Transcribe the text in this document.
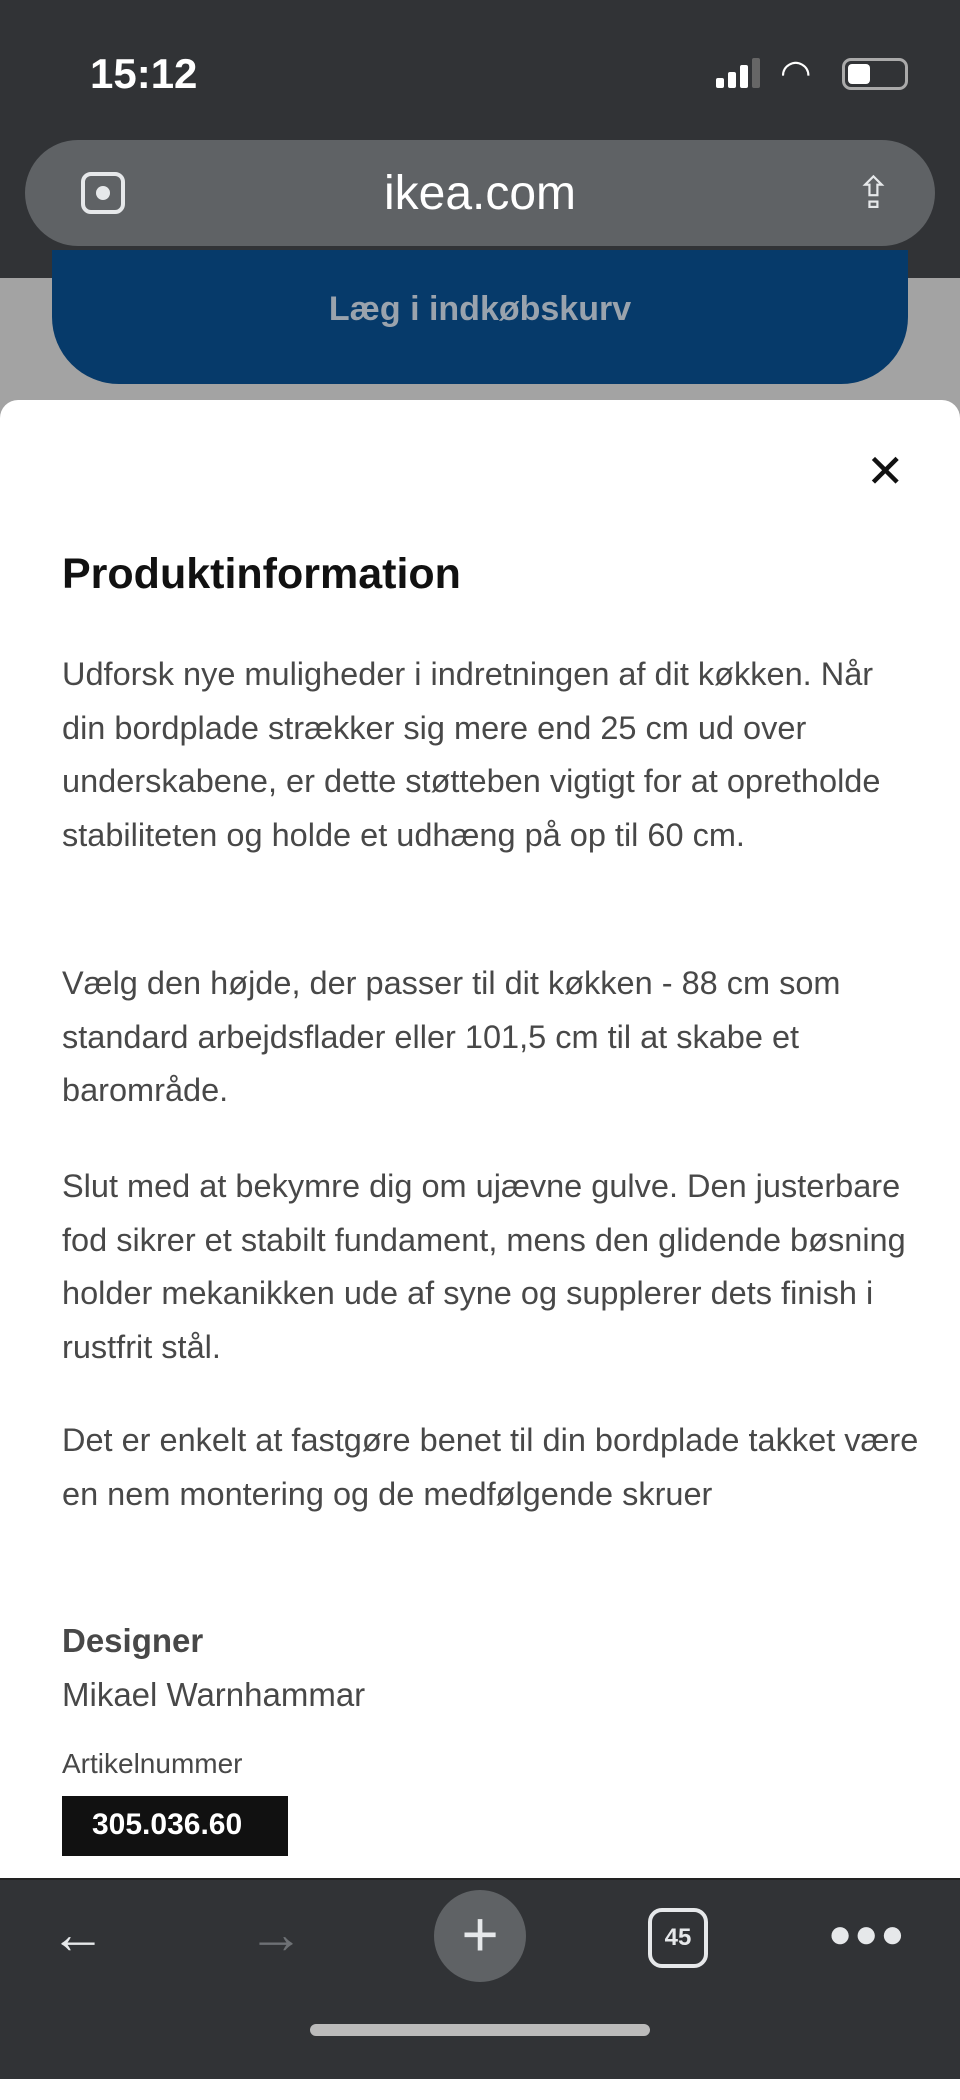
15:12	◠
ikea.com	⇪
Læg i indkøbskurv
✕
Produktinformation
Udforsk nye muligheder i indretningen af dit køkken. Når din bordplade strækker sig mere end 25 cm ud over underskabene, er dette støtteben vigtigt for at opretholde stabiliteten og holde et udhæng på op til 60 cm.
Vælg den højde, der passer til dit køkken - 88 cm som standard arbejdsflader eller 101,5 cm til at skabe et barområde.
Slut med at bekymre dig om ujævne gulve. Den justerbare fod sikrer et stabilt fundament, mens den glidende bøsning holder mekanikken ude af syne og supplerer dets finish i rustfrit stål.
Det er enkelt at fastgøre benet til din bordplade takket være en nem montering og de medfølgende skruer
Designer
Mikael Warnhammar
Artikelnummer
305.036.60
←	→	+	45	●●●
